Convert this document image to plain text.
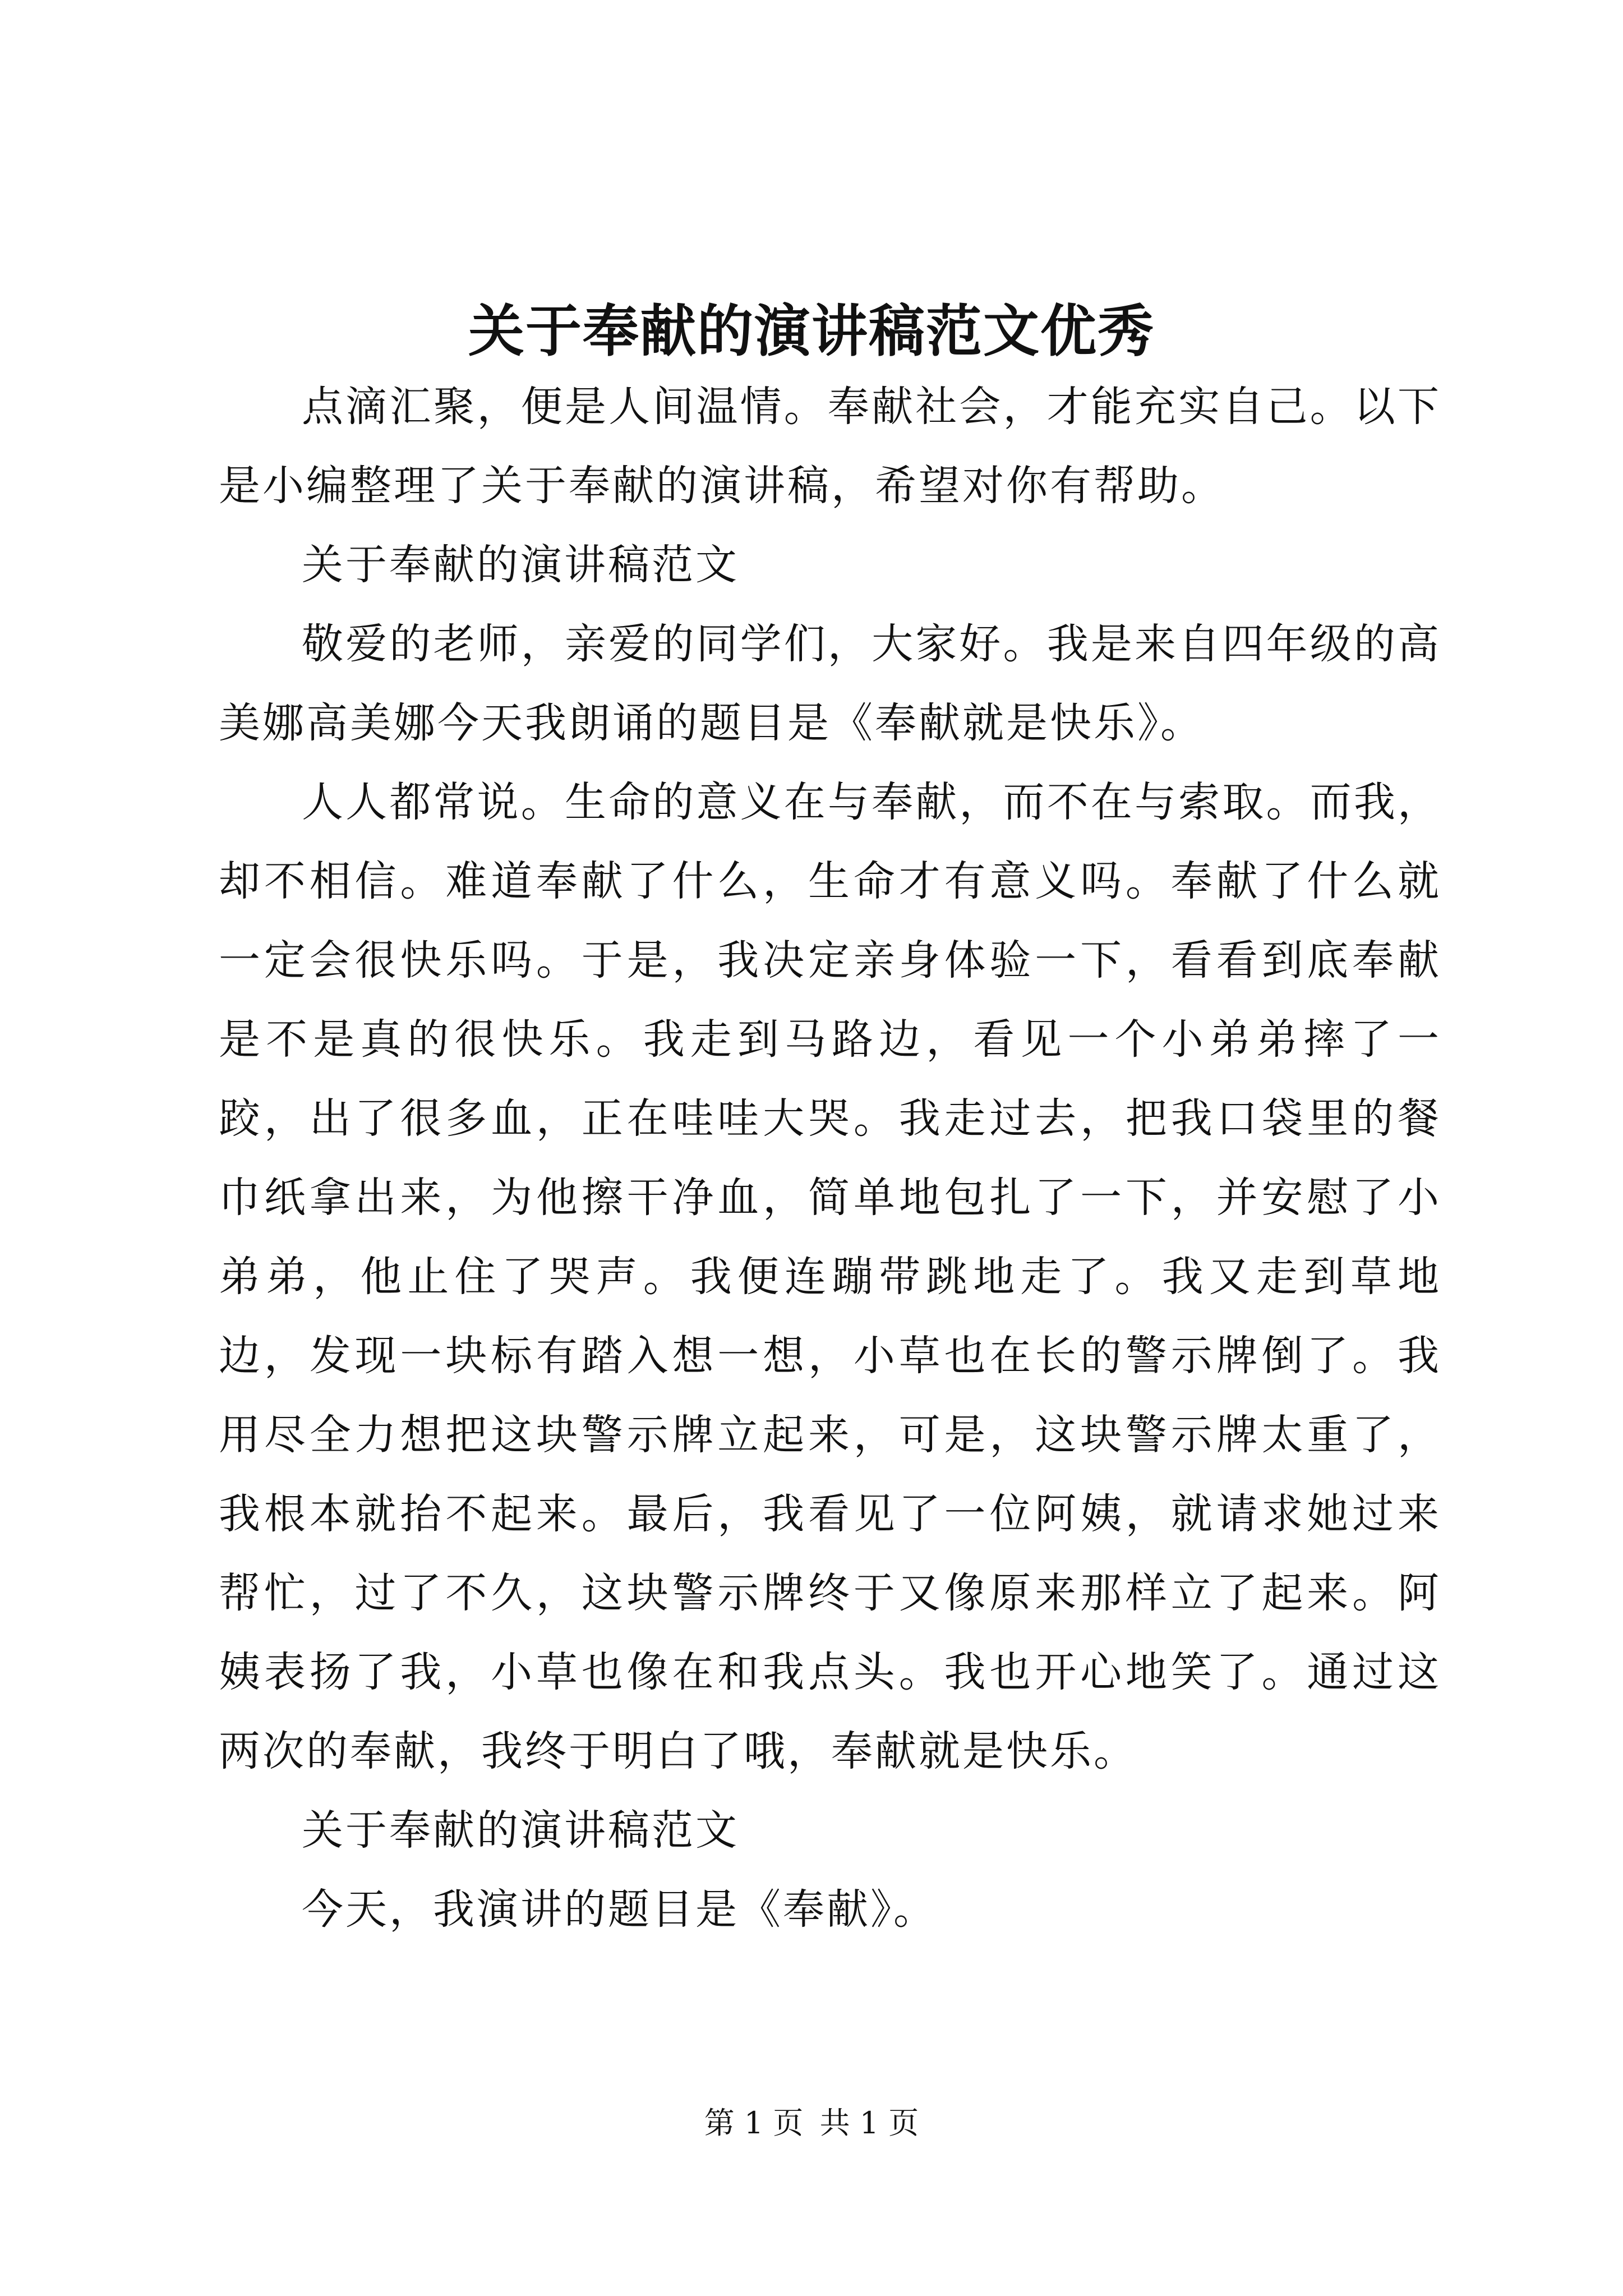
关于奉献的演讲稿范文优秀

点滴汇聚，便是人间温情。奉献社会，才能充实自己。以下是小编整理了关于奉献的演讲稿，希望对你有帮助。

关于奉献的演讲稿范文

敬爱的老师，亲爱的同学们，大家好。我是来自四年级的高美娜高美娜今天我朗诵的题目是《奉献就是快乐》。

人人都常说。生命的意义在与奉献，而不在与索取。而我，却不相信。难道奉献了什么，生命才有意义吗。奉献了什么就一定会很快乐吗。于是，我决定亲身体验一下，看看到底奉献是不是真的很快乐。我走到马路边，看见一个小弟弟摔了一跤，出了很多血，正在哇哇大哭。我走过去，把我口袋里的餐巾纸拿出来，为他擦干净血，简单地包扎了一下，并安慰了小弟弟，他止住了哭声。我便连蹦带跳地走了。我又走到草地边，发现一块标有踏入想一想，小草也在长的警示牌倒了。我用尽全力想把这块警示牌立起来，可是，这块警示牌太重了，我根本就抬不起来。最后，我看见了一位阿姨，就请求她过来帮忙，过了不久，这块警示牌终于又像原来那样立了起来。阿姨表扬了我，小草也像在和我点头。我也开心地笑了。通过这两次的奉献，我终于明白了哦，奉献就是快乐。

关于奉献的演讲稿范文

今天，我演讲的题目是《奉献》。

第 1 页 共 1 页
